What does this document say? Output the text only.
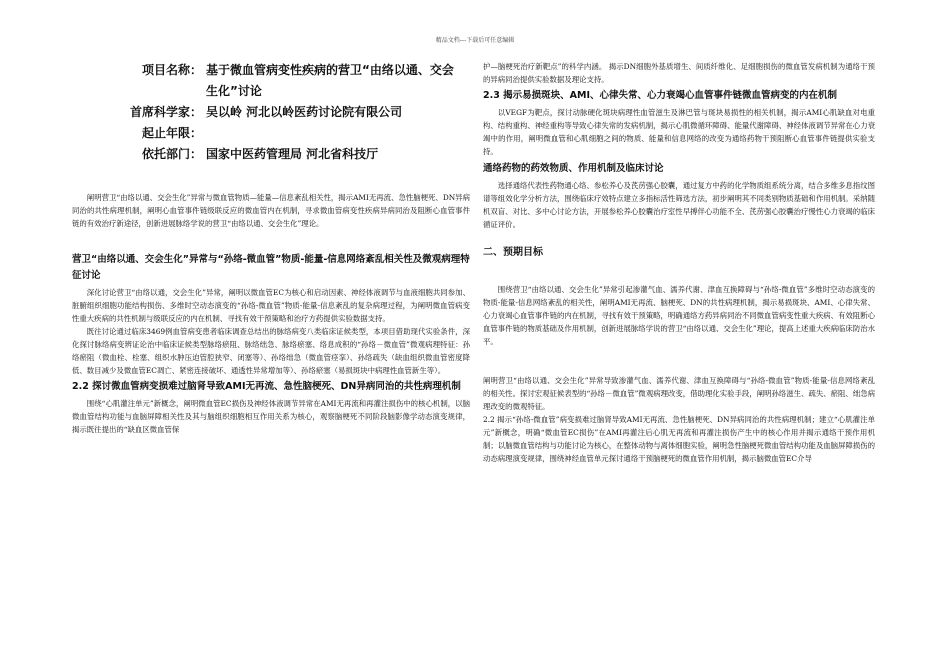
精品文档---下载后可任意编辑
项目名称： 基于微血管病变性疾病的营卫“由络以通、交会生化”讨论
首席科学家： 吴以岭 河北以岭医药讨论院有限公司
起止年限：
依托部门： 国家中医药管理局 河北省科技厅

阐明营卫“由络以通、交会生化”异常与微血管物质—能量—信息紊乱相关性，揭示AMI无再流、急性脑梗死、DN异病同治的共性病理机制，阐明心血管事件链级联反应的微血管内在机制，寻求微血管病变性疾病异病同治及阻断心血管事件链的有效治疗新途径，创新进展脉络学说的营卫“由络以通、交会生化”理论。

营卫“由络以通、交会生化”异常与“孙络-微血管”物质-能量-信息网络紊乱相关性及微观病理特征讨论

深化讨论营卫“由络以通，交会生化”异常，阐明以微血管EC为核心和启动因素、神经体液调节与血液细胞共同参加、脏腑组织细胞功能结构损伤、多维时空动态演变的“孙络-微血管”物质-能量-信息紊乱的复杂病理过程，为阐明微血管病变性重大疾病的共性机制与级联反应的内在机制、寻找有效干预策略和治疗方药提供实验数据支持。

既往讨论通过临床3469例血管病变患者临床调查总结出的脉络病变八类临床证候类型，本项目借助现代实验条件，深化探讨脉络病变辨证论治中临床证候类型脉络瘀阻、脉络绌急、脉络瘀塞、络息成积的“孙络－微血管”微观病理特征：孙络瘀阻（微血栓、栓塞、组织水肿压迫管腔狭窄、闭塞等）、孙络绌急（微血管痉挛）、孙络疏失（缺血组织微血管密度降低、数目减少及微血管EC凋亡、紧密连接破坏、通透性异常增加等）、孙络瘀塞（易损斑块中病理性血管新生等）。

2.2 探讨微血管病变损难过脑肾导致AMI无再流、急性脑梗死、DN异病同治的共性病理机制

围绕“心肌灌注单元”新概念，阐明微血管EC损伤及神经体液调节异常在AMI无再流和再灌注损伤中的核心机制，以脑微血管结构功能与血脑屏障相关性及其与脑组织细胞相互作用关系为核心，观察脑梗死不同阶段脑影像学动态演变规律，揭示既往提出的“缺血区微血管保

护—脑梗死治疗新靶点”的科学内涵。 揭示DN细胞外基质增生、间质纤维化、足细胞损伤的微血管发病机制为通络干预的异病同治提供实验数据及理论支持。

2.3 揭示易损斑块、AMI、心律失常、心力衰竭心血管事件链微血管病变的内在机制

以VEGF为靶点，探讨动脉硬化斑块病理性血管滋生及淋巴管与斑块易损性的相关机制，揭示AMI心肌缺血对电重构、结构重构、神经重构等导致心律失常的发病机制，揭示心肌微循环障碍、能量代谢障碍、神经体液调节异常在心力衰竭中的作用，阐明微血管和心肌细胞之间的物质、能量和信息网络的改变为通络药物干预阻断心血管事件链提供实验支持。

通络药物的药效物质、作用机制及临床讨论

选择通络代表性药物通心络、参松养心及芪苈强心胶囊，通过复方中药的化学物质组系统分离，结合多维多息指纹图谱等组效化学分析方法，围绕临床疗效特点建立多指标活性筛选方法，初步阐明其不同类别物质基础和作用机制。采纳随机双盲、对比、多中心讨论方法，开展参松养心胶囊治疗室性早搏伴心功能不全、芪苈强心胶囊治疗慢性心力衰竭的临床循证评价。

二、预期目标

围绕营卫“由络以通、交会生化”异常引起渗灌气血、濡养代谢、津血互换障碍与“孙络-微血管”多维时空动态演变的物质-能量-信息网络紊乱的相关性，阐明AMI无再流、脑梗死、DN的共性病理机制，揭示易损斑块、AMI、心律失常、心力衰竭心血管事件链的内在机制，寻找有效干预策略，明确通络方药异病同治不同微血管病变性重大疾病、有效阻断心血管事件链的物质基础及作用机制，创新进展脉络学说的营卫“由络以通、交会生化”理论，提高上述重大疾病临床防治水平。

阐明营卫“由络以通、交会生化”异常导致渗灌气血、濡养代谢、津血互换障碍与“孙络-微血管”物质-能量-信息网络紊乱的相关性。探讨宏观征候表型的“孙络－微血管”微观病理改变，借助理化实验手段，阐明孙络滋生、疏失、瘀阻、绌急病理改变的微观特征。

2.2 揭示“孙络-微血管”病变损难过脑肾导致AMI无再流、急性脑梗死、DN异病同治的共性病理机制；建立“心肌灌注单元”新概念，明确“微血管EC损伤”在AMI再灌注后心肌无再流和再灌注损伤产生中的核心作用并揭示通络干预作用机制；以脑微血管结构与功能讨论为核心，在整体动物与离体细胞实验，阐明急性脑梗死微血管结构功能及血脑屏障损伤的动态病理演变规律，围绕神经血管单元探讨通络干预脑梗死的微血管作用机制，揭示脑微血管EC介导
